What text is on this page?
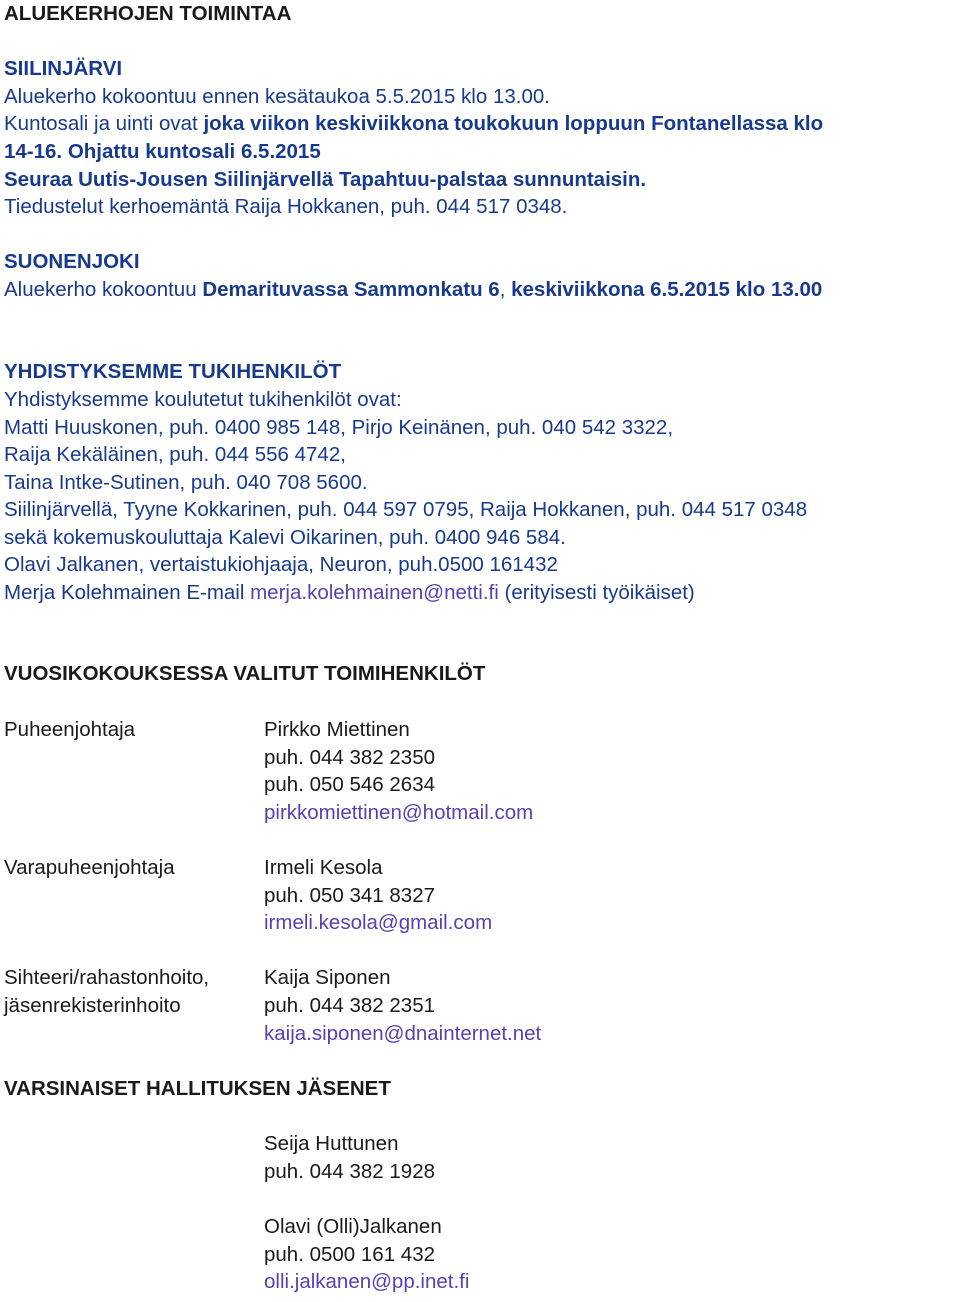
ALUEKERHOJEN TOIMINTAA
SIILINJÄRVI
Aluekerho kokoontuu ennen kesätaukoa 5.5.2015 klo 13.00.
Kuntosali ja uinti ovat joka viikon keskiviikkona toukokuun loppuun Fontanellassa klo
14-16. Ohjattu kuntosali 6.5.2015
Seuraa Uutis-Jousen Siilinjärvellä Tapahtuu-palstaa sunnuntaisin.
Tiedustelut kerhoemäntä Raija Hokkanen, puh. 044 517 0348.
SUONENJOKI
Aluekerho kokoontuu Demarituvassa Sammonkatu 6, keskiviikkona 6.5.2015 klo 13.00
YHDISTYKSEMME TUKIHENKILÖT
Yhdistyksemme koulutetut tukihenkilöt ovat:
Matti Huuskonen, puh. 0400 985 148, Pirjo Keinänen, puh. 040 542 3322,
Raija Kekäläinen, puh. 044 556 4742,
Taina Intke-Sutinen, puh. 040 708 5600.
Siilinjärvellä, Tyyne Kokkarinen, puh. 044 597 0795, Raija Hokkanen, puh. 044 517 0348
sekä kokemuskouluttaja Kalevi Oikarinen, puh. 0400 946 584.
Olavi Jalkanen, vertaistukiohjaaja, Neuron, puh.0500 161432
Merja Kolehmainen E-mail merja.kolehmainen@netti.fi (erityisesti työikäiset)
VUOSIKOKOUKSESSA VALITUT TOIMIHENKILÖT
Puheenjohtaja	Pirkko Miettinen
puh. 044 382 2350
puh. 050 546 2634
pirkkomiettinen@hotmail.com
Varapuheenjohtaja	Irmeli Kesola
puh. 050 341 8327
irmeli.kesola@gmail.com
Sihteeri/rahastonhoito,	Kaija Siponen
jäsenrekisterinhoito	puh. 044 382 2351
kaija.siponen@dnainternet.net
VARSINAISET HALLITUKSEN JÄSENET
Seija Huttunen
puh. 044 382 1928
Olavi (Olli)Jalkanen
puh. 0500 161 432
olli.jalkanen@pp.inet.fi
